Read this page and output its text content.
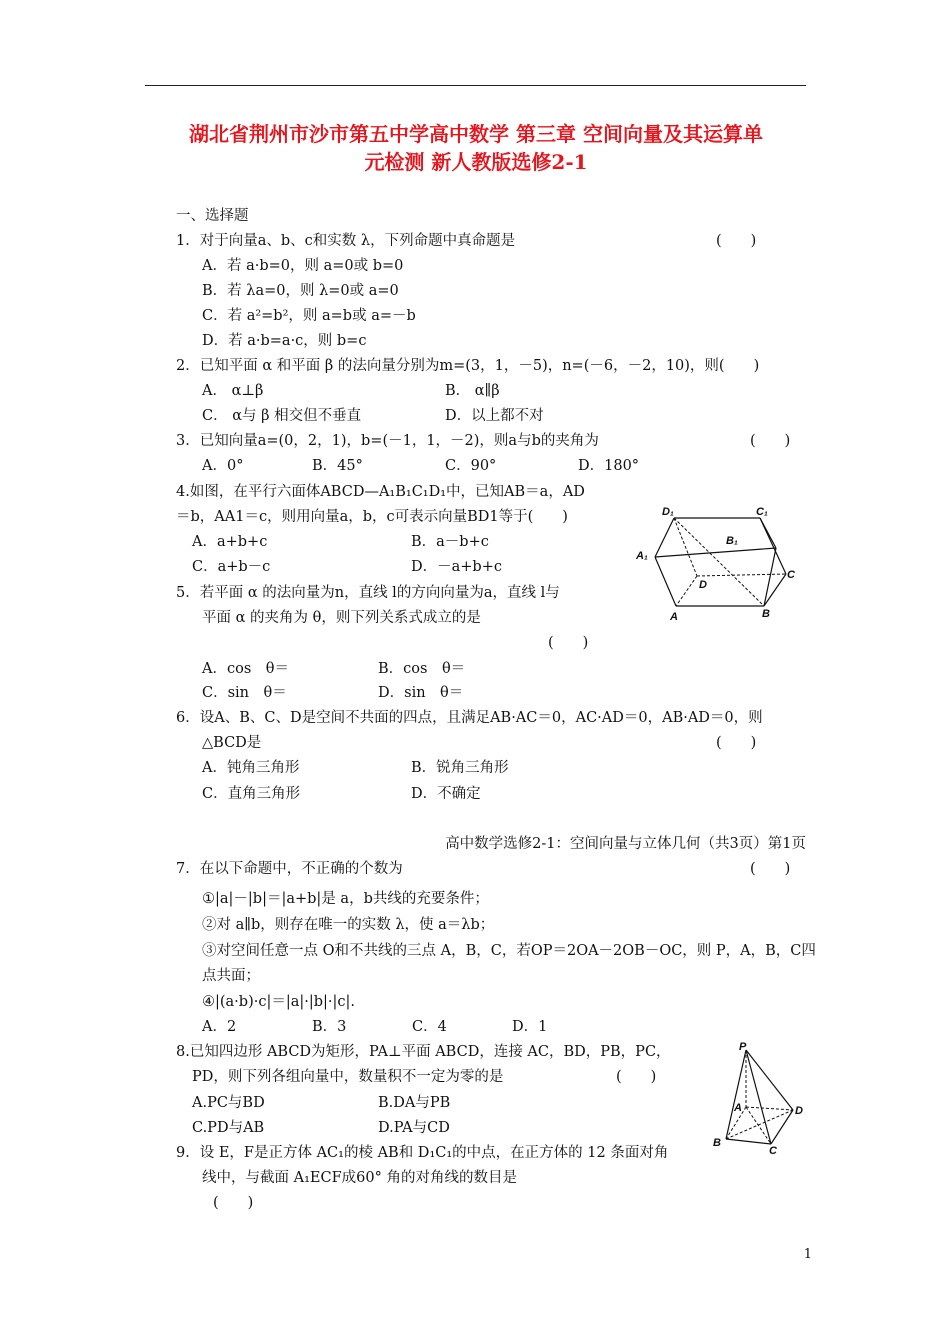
湖北省荆州市沙市第五中学高中数学 第三章 空间向量及其运算单
元检测 新人教版选修2-1
一、选择题
1．对于向量a、b、c和实数 λ，下列命题中真命题是	(　　)
A．若 a·b=0，则 a=0或 b=0
B．若 λa=0，则 λ=0或 a=0
C．若 a²=b²，则 a=b或 a=－b
D．若 a·b=a·c，则 b=c
2．已知平面 α 和平面 β 的法向量分别为m=(3，1，－5)，n=(－6，－2，10)，则(　　)
A． α⊥β	B． α∥β
C． α与 β 相交但不垂直	D．以上都不对
3．已知向量a=(0，2，1)，b=(－1，1，－2)，则a与b的夹角为	(　　)
A．0°	B．45°	C．90°	D．180°
4.如图，在平行六面体ABCD—A₁B₁C₁D₁中，已知AB＝a，AD
＝b，AA1＝c，则用向量a，b，c可表示向量BD1等于(　　)
A．a+b+c	B．a－b+c
C．a+b－c	D．－a+b+c
D₁	C₁
B₁
A₁
D
C
A	B
5．若平面 α 的法向量为n，直线 l的方向向量为a，直线 l与
平面 α 的夹角为 θ，则下列关系式成立的是
(　　)
A．cos　θ＝	B．cos　θ＝
C．sin　θ＝	D．sin　θ＝
6．设A、B、C、D是空间不共面的四点，且满足AB·AC＝0，AC·AD＝0，AB·AD＝0，则
△BCD是	(　　)
A．钝角三角形	B．锐角三角形
C．直角三角形	D．不确定
高中数学选修2-1：空间向量与立体几何（共3页）第1页
7．在以下命题中，不正确的个数为	(　　)
①|a|－|b|＝|a+b|是 a，b共线的充要条件；
②对 a∥b，则存在唯一的实数 λ，使 a＝λb；
③对空间任意一点 O和不共线的三点 A，B，C，若OP＝2OA－2OB－OC，则 P，A，B，C四
点共面；
④|(a·b)·c|＝|a|·|b|·|c|.
A．2	B．3	C．4	D．1
8.已知四边形 ABCD为矩形，PA⊥平面 ABCD，连接 AC，BD，PB，PC，
PD，则下列各组向量中，数量积不一定为零的是	(　　)
A.PC与BD	B.DA与PB
C.PD与AB	D.PA与CD
P
A	D
B
C
9．设 E，F是正方体 AC₁的棱 AB和 D₁C₁的中点，在正方体的 12 条面对角
线中，与截面 A₁ECF成60° 角的对角线的数目是
(　　)
1
